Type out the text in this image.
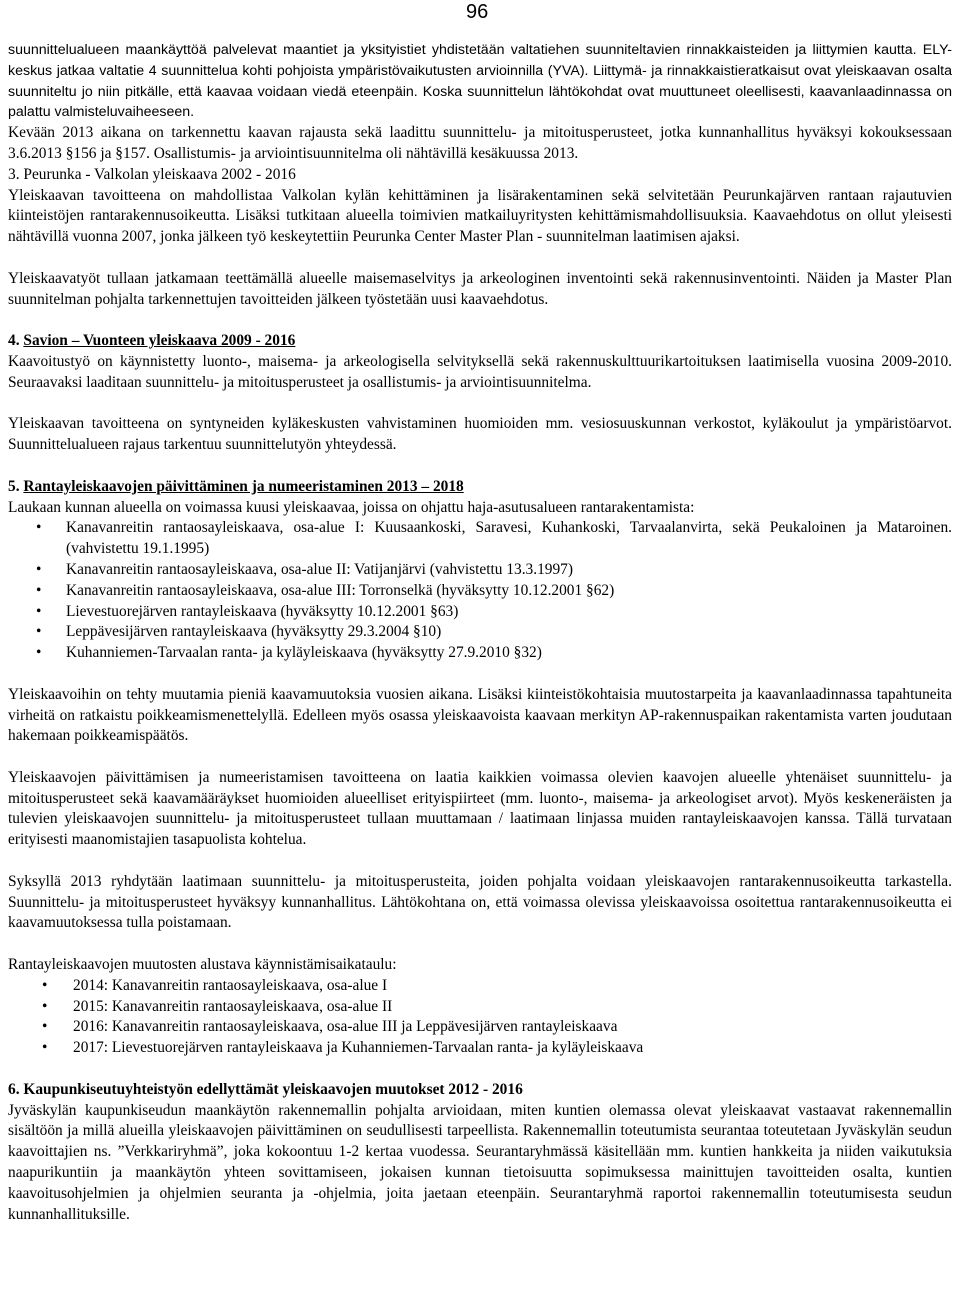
96

suunnittelualueen maankäyttöä palvelevat maantiet ja yksityistiet yhdistetään valtatiehen suunniteltavien rinnakkaisteiden ja liittymien kautta. ELY-keskus jatkaa valtatie 4 suunnittelua kohti pohjoista ympäristövaikutusten arvioinnilla (YVA). Liittymä- ja rinnakkaistieratkaisut ovat yleiskaavan osalta suunniteltu jo niin pitkälle, että kaavaa voidaan viedä eteenpäin. Koska suunnittelun lähtökohdat ovat muuttuneet oleellisesti, kaavanlaadinnassa on palattu valmisteluvaiheeseen.

Kevään 2013 aikana on tarkennettu kaavan rajausta sekä laadittu suunnittelu- ja mitoitusperusteet, jotka kunnanhallitus hyväksyi kokouksessaan 3.6.2013 §156 ja §157. Osallistumis- ja arviointisuunnitelma oli nähtävillä kesäkuussa 2013.

3. Peurunka - Valkolan yleiskaava 2002 - 2016

Yleiskaavan tavoitteena on mahdollistaa Valkolan kylän kehittäminen ja lisärakentaminen sekä selvitetään Peurunkajärven rantaan rajautuvien kiinteistöjen rantarakennusoikeutta. Lisäksi tutkitaan alueella toimivien matkailuyritysten kehittämismahdollisuuksia. Kaavaehdotus on ollut yleisesti nähtävillä vuonna 2007, jonka jälkeen työ keskeytettiin Peurunka Center Master Plan - suunnitelman laatimisen ajaksi.

Yleiskaavatyöt tullaan jatkamaan teettämällä alueelle maisemaselvitys ja arkeologinen inventointi sekä rakennusinventointi. Näiden ja Master Plan suunnitelman pohjalta tarkennettujen tavoitteiden jälkeen työstetään uusi kaavaehdotus.

4. Savion – Vuonteen yleiskaava 2009 - 2016

Kaavoitustyö on käynnistetty luonto-, maisema- ja arkeologisella selvityksellä sekä rakennuskulttuurikartoituksen laatimisella vuosina 2009-2010. Seuraavaksi laaditaan suunnittelu- ja mitoitusperusteet ja osallistumis- ja arviointisuunnitelma.

Yleiskaavan tavoitteena on syntyneiden kyläkeskusten vahvistaminen huomioiden mm. vesiosuuskunnan verkostot, kyläkoulut ja ympäristöarvot. Suunnittelualueen rajaus tarkentuu suunnittelutyön yhteydessä.

5. Rantayleiskaavojen päivittäminen ja numeeristaminen 2013 – 2018

Laukaan kunnan alueella on voimassa kuusi yleiskaavaa, joissa on ohjattu haja-asutusalueen rantarakentamista:

• Kanavanreitin rantaosayleiskaava, osa-alue I: Kuusaankoski, Saravesi, Kuhankoski, Tarvaalanvirta, sekä Peukaloinen ja Mataroinen.(vahvistettu 19.1.1995)
• Kanavanreitin rantaosayleiskaava, osa-alue II: Vatijanjärvi (vahvistettu 13.3.1997)
• Kanavanreitin rantaosayleiskaava, osa-alue III: Torronselkä (hyväksytty 10.12.2001 §62)
• Lievestuorejärven rantayleiskaava (hyväksytty 10.12.2001 §63)
• Leppävesijärven rantayleiskaava (hyväksytty 29.3.2004 §10)
• Kuhanniemen-Tarvaalan ranta- ja kyläyleiskaava (hyväksytty 27.9.2010 §32)

Yleiskaavoihin on tehty muutamia pieniä kaavamuutoksia vuosien aikana. Lisäksi kiinteistökohtaisia muutostarpeita ja kaavanlaadinnassa tapahtuneita virheitä on ratkaistu poikkeamismenettelyllä. Edelleen myös osassa yleiskaavoista kaavaan merkityn AP-rakennuspaikan rakentamista varten joudutaan hakemaan poikkeamispäätös.

Yleiskaavojen päivittämisen ja numeeristamisen tavoitteena on laatia kaikkien voimassa olevien kaavojen alueelle yhtenäiset suunnittelu- ja mitoitusperusteet sekä kaavamääräykset huomioiden alueelliset erityispiirteet (mm. luonto-, maisema- ja arkeologiset arvot). Myös keskeneräisten ja tulevien yleiskaavojen suunnittelu- ja mitoitusperusteet tullaan muuttamaan / laatimaan linjassa muiden rantayleiskaavojen kanssa. Tällä turvataan erityisesti maanomistajien tasapuolista kohtelua.

Syksyllä 2013 ryhdytään laatimaan suunnittelu- ja mitoitusperusteita, joiden pohjalta voidaan yleiskaavojen rantarakennusoikeutta tarkastella. Suunnittelu- ja mitoitusperusteet hyväksyy kunnanhallitus. Lähtökohtana on, että voimassa olevissa yleiskaavoissa osoitettua rantarakennusoikeutta ei kaavamuutoksessa tulla poistamaan.

Rantayleiskaavojen muutosten alustava käynnistämisaikataulu:

• 2014: Kanavanreitin rantaosayleiskaava, osa-alue I
• 2015: Kanavanreitin rantaosayleiskaava, osa-alue II
• 2016: Kanavanreitin rantaosayleiskaava, osa-alue III ja Leppävesijärven rantayleiskaava
• 2017: Lievestuorejärven rantayleiskaava ja Kuhanniemen-Tarvaalan ranta- ja kyläyleiskaava

6. Kaupunkiseutuyhteistyön edellyttämät yleiskaavojen muutokset 2012 - 2016

Jyväskylän kaupunkiseudun maankäytön rakennemallin pohjalta arvioidaan, miten kuntien olemassa olevat yleiskaavat vastaavat rakennemallin sisältöön ja millä alueilla yleiskaavojen päivittäminen on seudullisesti tarpeellista. Rakennemallin toteutumista seurantaa toteutetaan Jyväskylän seudun kaavoittajien ns. ”Verkkariryhmä”, joka kokoontuu 1-2 kertaa vuodessa. Seurantaryhmässä käsitellään mm. kuntien hankkeita ja niiden vaikutuksia naapurikuntiin ja maankäytön yhteen sovittamiseen, jokaisen kunnan tietoisuutta sopimuksessa mainittujen tavoitteiden osalta, kuntien kaavoitusohjelmien ja ohjelmien seuranta ja -ohjelmia, joita jaetaan eteenpäin. Seurantaryhmä raportoi rakennemallin toteutumisesta seudun kunnanhallituksille.
